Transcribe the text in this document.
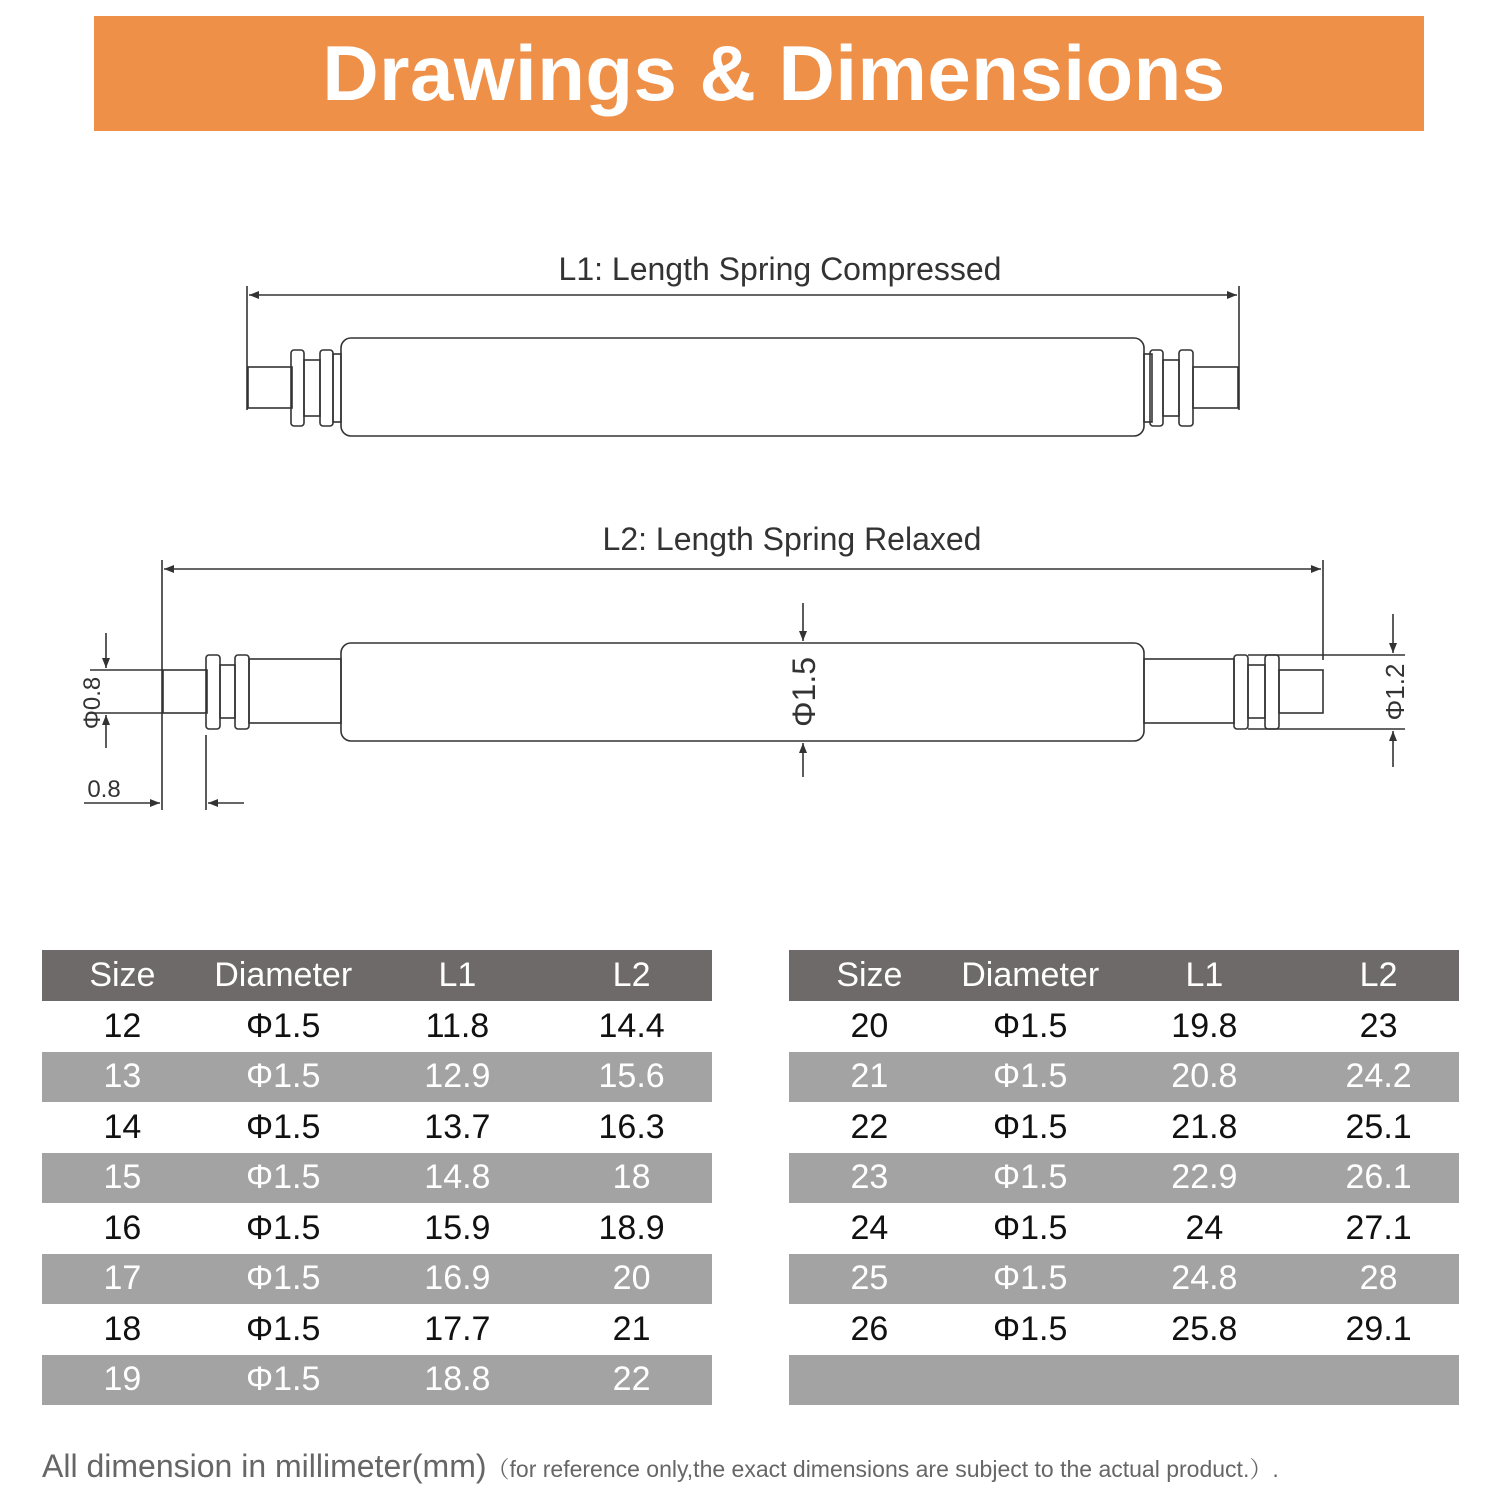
Drawings & Dimensions
L1: Length Spring Compressed
L2: Length Spring Relaxed
Φ0.8
0.8
Φ1.5	Φ1.2
Size	Diameter	L1	L2
12	Φ1.5	11.8	14.4
13	Φ1.5	12.9	15.6
14	Φ1.5	13.7	16.3
15	Φ1.5	14.8	18
16	Φ1.5	15.9	18.9
17	Φ1.5	16.9	20
18	Φ1.5	17.7	21
19	Φ1.5	18.8	22
Size	Diameter	L1	L2
20	Φ1.5	19.8	23
21	Φ1.5	20.8	24.2
22	Φ1.5	21.8	25.1
23	Φ1.5	22.9	26.1
24	Φ1.5	24	27.1
25	Φ1.5	24.8	28
26	Φ1.5	25.8	29.1

All dimension in millimeter(mm)（for reference only,the exact dimensions are subject to the actual product.）.
